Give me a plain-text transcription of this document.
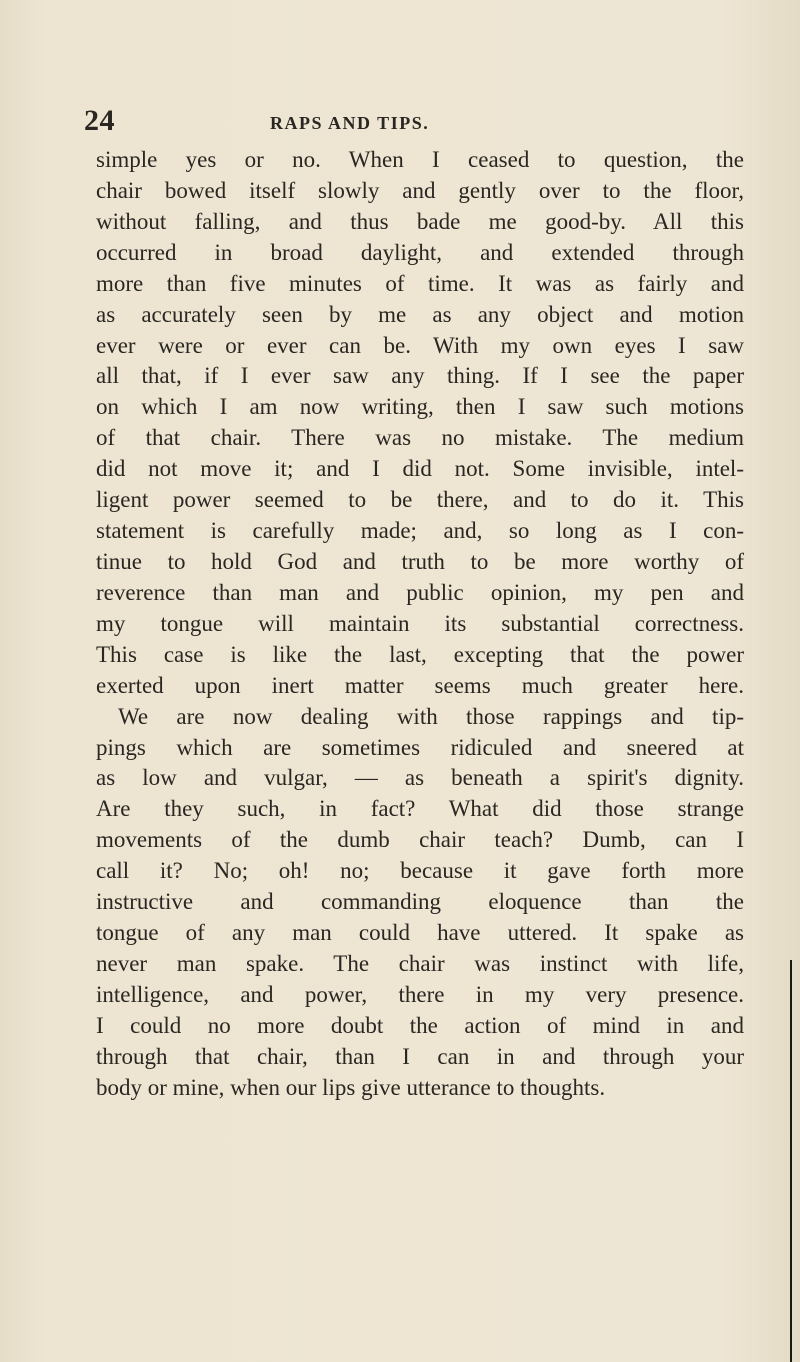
24	RAPS AND TIPS.
simple yes or no. When I ceased to question, the
chair bowed itself slowly and gently over to the floor,
without falling, and thus bade me good-by. All this
occurred in broad daylight, and extended through
more than five minutes of time. It was as fairly and
as accurately seen by me as any object and motion
ever were or ever can be. With my own eyes I saw
all that, if I ever saw any thing. If I see the paper
on which I am now writing, then I saw such motions
of that chair. There was no mistake. The medium
did not move it; and I did not. Some invisible, intel-
ligent power seemed to be there, and to do it. This
statement is carefully made; and, so long as I con-
tinue to hold God and truth to be more worthy of
reverence than man and public opinion, my pen and
my tongue will maintain its substantial correctness.
This case is like the last, excepting that the power
exerted upon inert matter seems much greater here.
We are now dealing with those rappings and tip-
pings which are sometimes ridiculed and sneered at
as low and vulgar, — as beneath a spirit's dignity.
Are they such, in fact? What did those strange
movements of the dumb chair teach? Dumb, can I
call it? No; oh! no; because it gave forth more
instructive and commanding eloquence than the
tongue of any man could have uttered. It spake as
never man spake. The chair was instinct with life,
intelligence, and power, there in my very presence.
I could no more doubt the action of mind in and
through that chair, than I can in and through your
body or mine, when our lips give utterance to thoughts.
